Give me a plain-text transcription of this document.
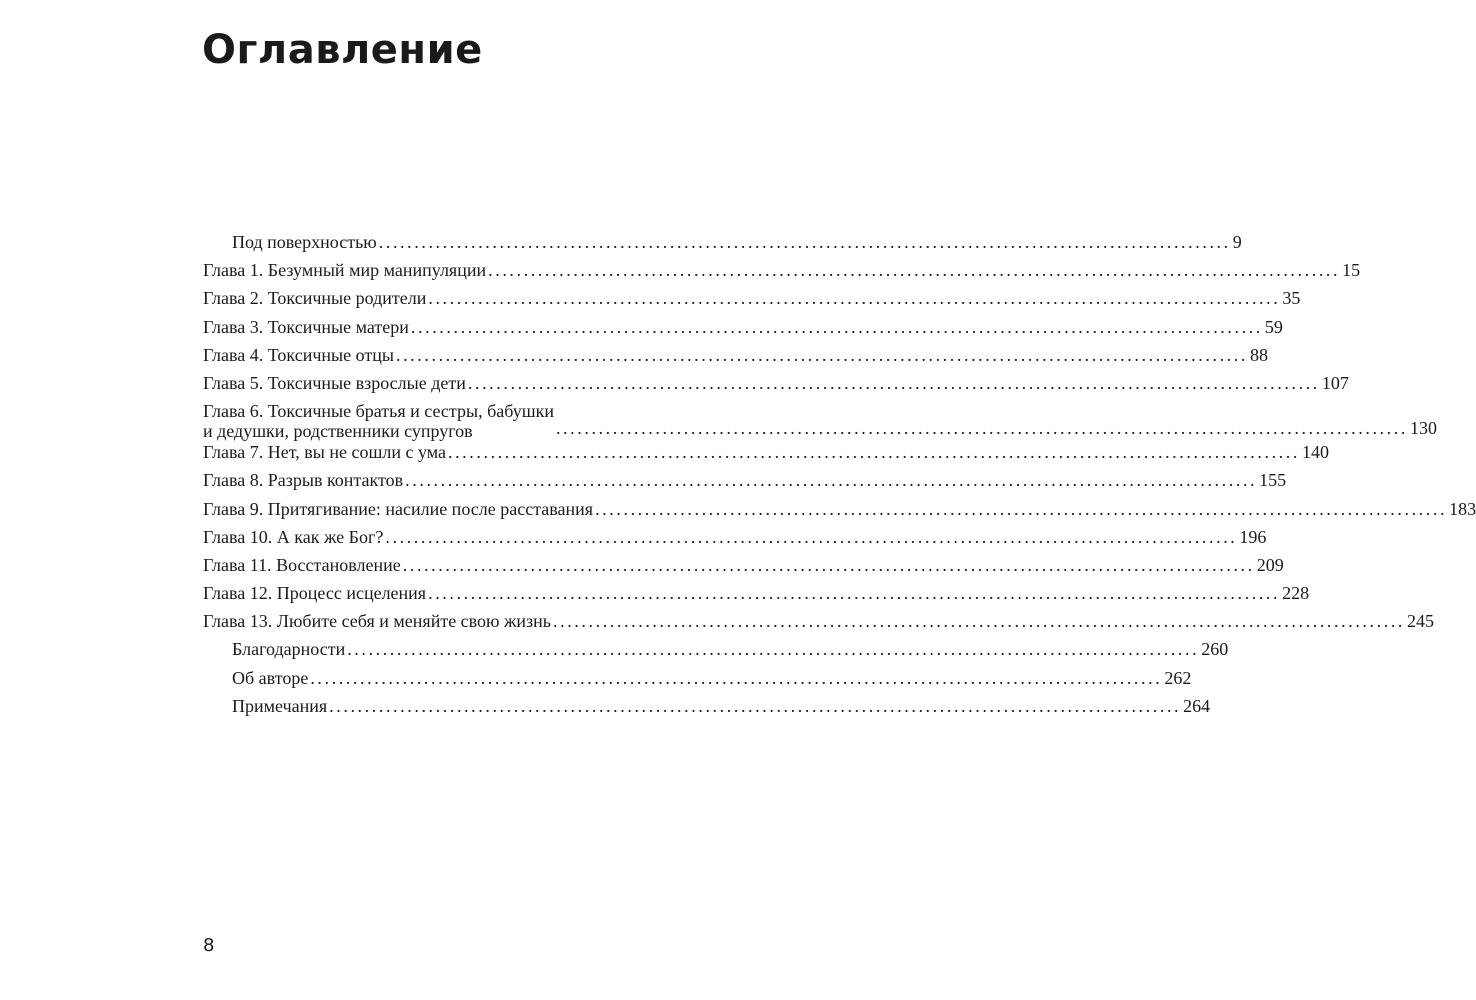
Оглавление
Под поверхностью ........................................................................................................................ 9
Глава 1. Безумный мир манипуляции ........................................................................................................................ 15
Глава 2. Токсичные родители ........................................................................................................................ 35
Глава 3. Токсичные матери ........................................................................................................................ 59
Глава 4. Токсичные отцы ........................................................................................................................ 88
Глава 5. Токсичные взрослые дети ........................................................................................................................ 107
Глава 6. Токсичные братья и сестры, бабушки
и дедушки, родственники супругов	........................................................................................................................ 130
Глава 7. Нет, вы не сошли с ума ........................................................................................................................ 140
Глава 8. Разрыв контактов ........................................................................................................................ 155
Глава 9. Притягивание: насилие после расставания ........................................................................................................................ 183
Глава 10. А как же Бог? ........................................................................................................................ 196
Глава 11. Восстановление ........................................................................................................................ 209
Глава 12. Процесс исцеления ........................................................................................................................ 228
Глава 13. Любите себя и меняйте свою жизнь ........................................................................................................................ 245
Благодарности ........................................................................................................................ 260
Об авторе ........................................................................................................................ 262
Примечания ........................................................................................................................ 264
8
